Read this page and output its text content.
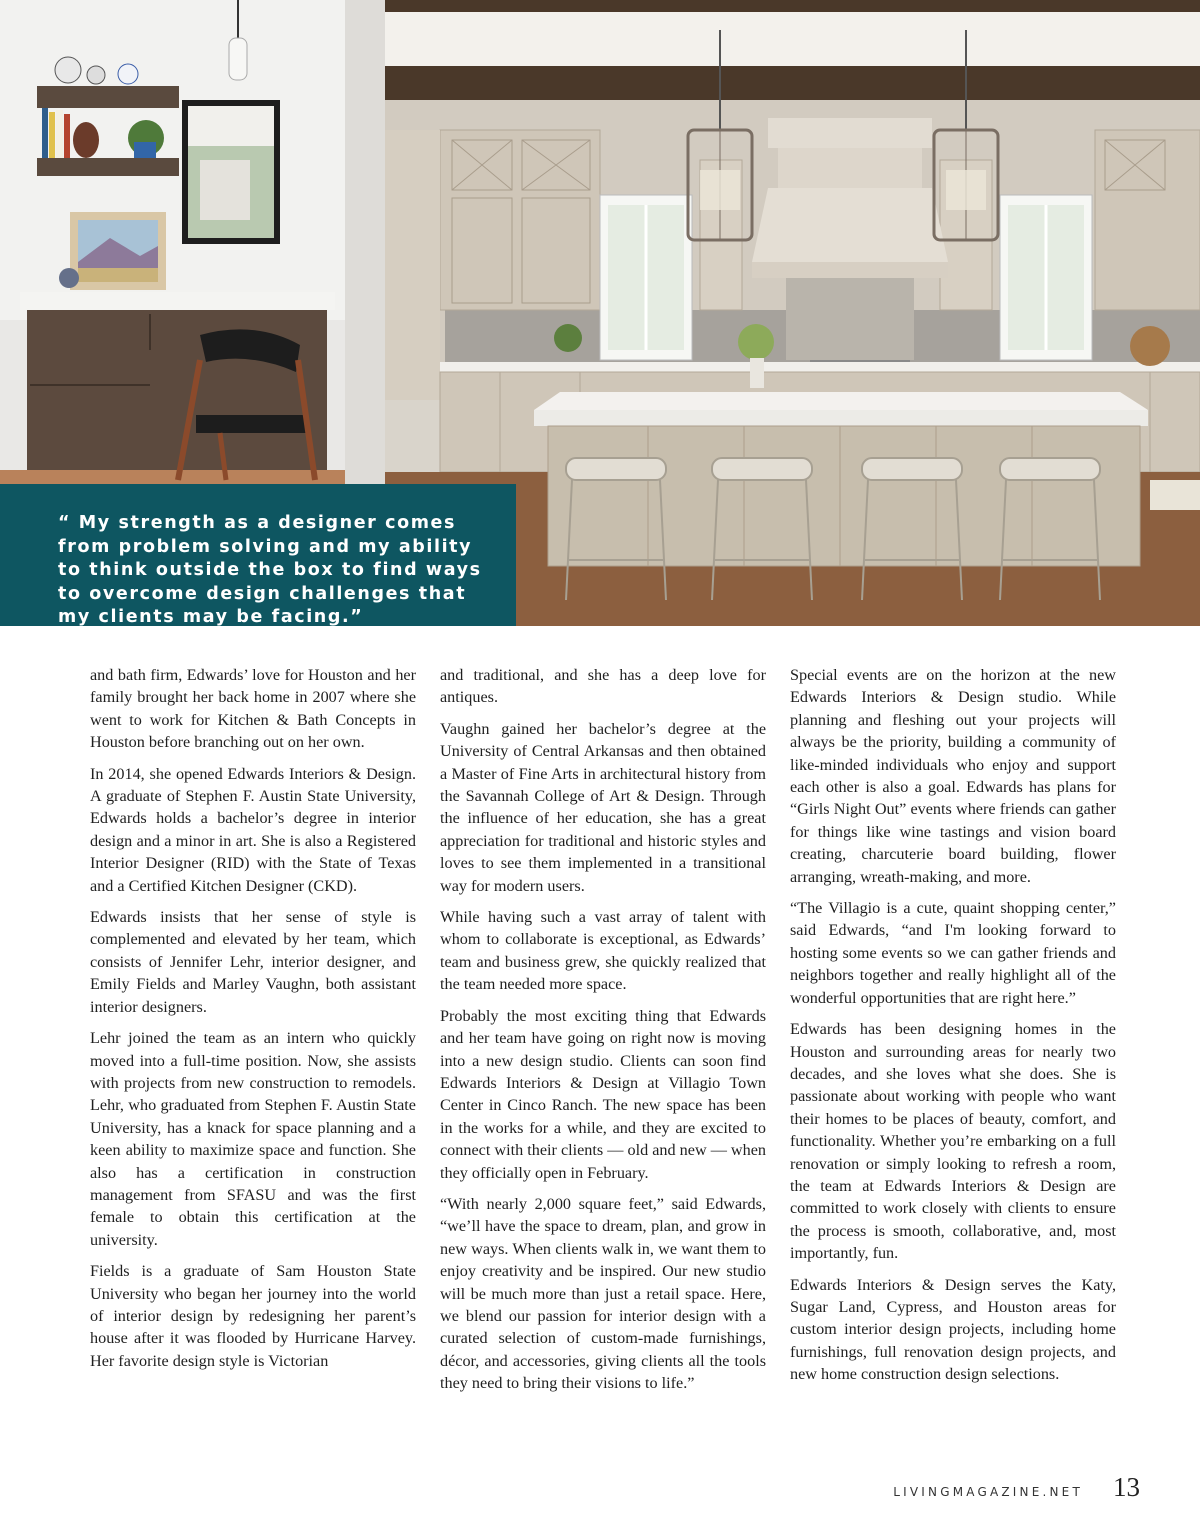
“ My strength as a designer comes from problem solving and my ability to think outside the box to find ways to overcome design challenges that my clients may be facing.”

and bath firm, Edwards’ love for Houston and her family brought her back home in 2007 where she went to work for Kitchen & Bath Concepts in Houston before branching out on her own.

In 2014, she opened Edwards Interiors & Design. A graduate of Stephen F. Austin State University, Edwards holds a bachelor’s degree in interior design and a minor in art. She is also a Registered Interior Designer (RID) with the State of Texas and a Certified Kitchen Designer (CKD).

Edwards insists that her sense of style is complemented and elevated by her team, which consists of Jennifer Lehr, interior designer, and Emily Fields and Marley Vaughn, both assistant interior designers.

Lehr joined the team as an intern who quickly moved into a full-time position. Now, she assists with projects from new construction to remodels. Lehr, who graduated from Stephen F. Austin State University, has a knack for space planning and a keen ability to maximize space and function. She also has a certification in construction management from SFASU and was the first female to obtain this certification at the university.

Fields is a graduate of Sam Houston State University who began her journey into the world of interior design by redesigning her parent’s house after it was flooded by Hurricane Harvey. Her favorite design style is Victorian

and traditional, and she has a deep love for antiques.

Vaughn gained her bachelor’s degree at the University of Central Arkansas and then obtained a Master of Fine Arts in architectural history from the Savannah College of Art & Design. Through the influence of her education, she has a great appreciation for traditional and historic styles and loves to see them implemented in a transitional way for modern users.

While having such a vast array of talent with whom to collaborate is exceptional, as Edwards’ team and business grew, she quickly realized that the team needed more space.

Probably the most exciting thing that Edwards and her team have going on right now is moving into a new design studio. Clients can soon find Edwards Interiors & Design at Villagio Town Center in Cinco Ranch. The new space has been in the works for a while, and they are excited to connect with their clients — old and new — when they officially open in February.

“With nearly 2,000 square feet,” said Edwards, “we’ll have the space to dream, plan, and grow in new ways. When clients walk in, we want them to enjoy creativity and be inspired. Our new studio will be much more than just a retail space. Here, we blend our passion for interior design with a curated selection of custom-made furnishings, décor, and accessories, giving clients all the tools they need to bring their visions to life.”

Special events are on the horizon at the new Edwards Interiors & Design studio. While planning and fleshing out your projects will always be the priority, building a community of like-minded individuals who enjoy and support each other is also a goal. Edwards has plans for “Girls Night Out” events where friends can gather for things like wine tastings and vision board creating, charcuterie board building, flower arranging, wreath-making, and more.

“The Villagio is a cute, quaint shopping center,” said Edwards, “and I'm looking forward to hosting some events so we can gather friends and neighbors together and really highlight all of the wonderful opportunities that are right here.”

Edwards has been designing homes in the Houston and surrounding areas for nearly two decades, and she loves what she does. She is passionate about working with people who want their homes to be places of beauty, comfort, and functionality. Whether you’re embarking on a full renovation or simply looking to refresh a room, the team at Edwards Interiors & Design are committed to work closely with clients to ensure the process is smooth, collaborative, and, most importantly, fun.

Edwards Interiors & Design serves the Katy, Sugar Land, Cypress, and Houston areas for custom interior design projects, including home furnishings, full renovation design projects, and new home construction design selections.

LIVINGMAGAZINE.NET 13
